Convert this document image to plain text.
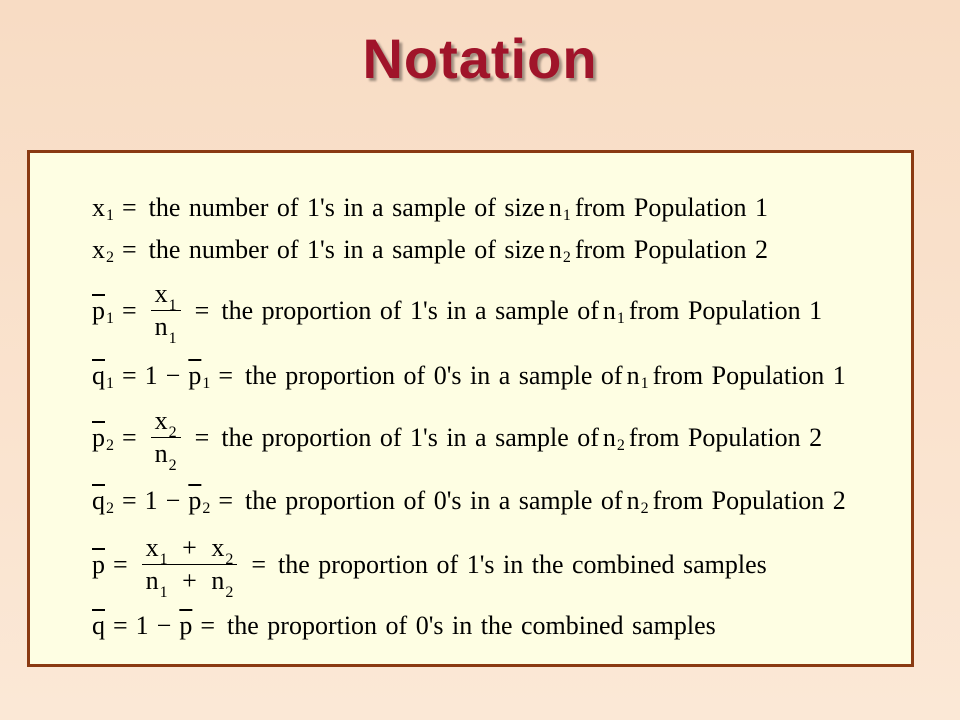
Notation
x 1 = the number of 1's in a sample of size n 1 from Population 1
x 2 = the number of 1's in a sample of size n 2 from Population 2
$\overline{p}$ $1 = \frac{x_1}{n_1}$ = the proportion of 1's in a sample of n 1 from Population 1
$\overline{q}$ $1 = 1 - \overline{p}$ 1 = the proportion of 0's in a sample of n 1 from Population 1
$\overline{p}$ $2 = \frac{x_2}{n_2}$ = the proportion of 1's in a sample of n 2 from Population 2
$\overline{q}$ $2 = 1 - \overline{p}$ 2 = the proportion of 0's in a sample of n 2 from Population 2
$\overline{p} = \frac{x_1 + x_2}{n_1 + n_2}$ = the proportion of 1's in the combined samples
$\overline{q} = 1 - \overline{p}$ = the proportion of 0's in the combined samples
